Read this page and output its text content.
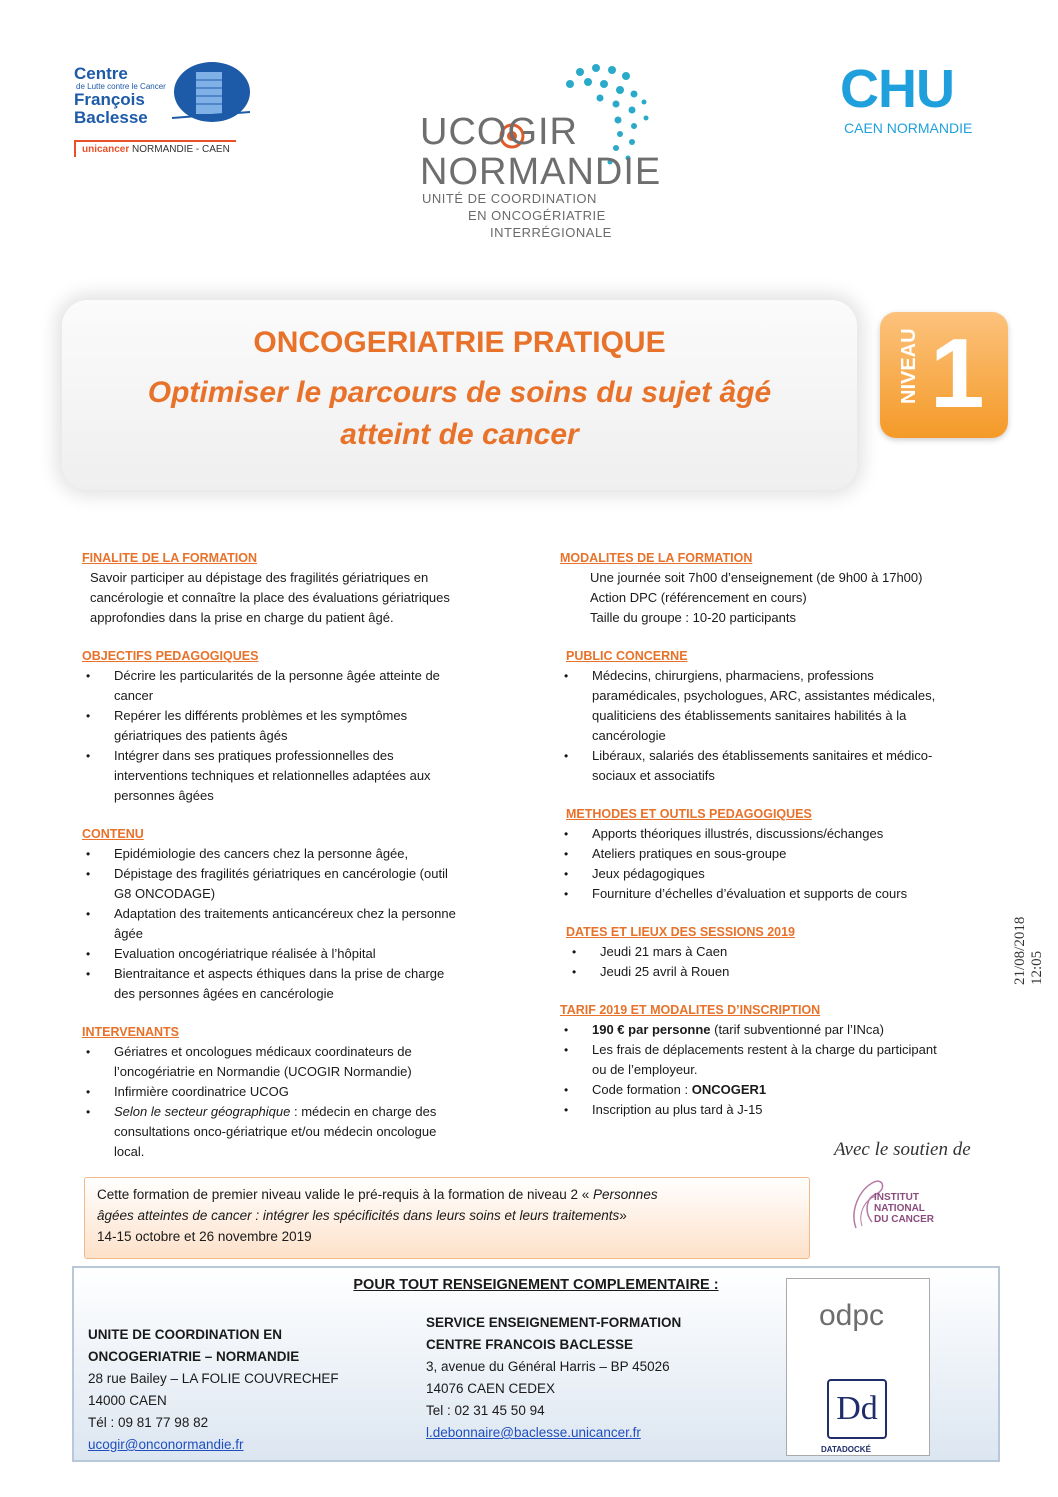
Centre
de Lutte contre le Cancer
François
Baclesse
unicancer NORMANDIE - CAEN	UCOGIR
NORMANDIE
UNITÉ DE COORDINATION
EN ONCOGÉRIATRIE
INTERRÉGIONALE
CHU
CAEN NORMANDIE
ONCOGERIATRIE PRATIQUE
Optimiser le parcours de soins du sujet âgé
atteint de cancer
NIVEAU 1
FINALITE DE LA FORMATION
Savoir participer au dépistage des fragilités gériatriques en
cancérologie et connaître la place des évaluations gériatriques
approfondies dans la prise en charge du patient âgé.
OBJECTIFS PEDAGOGIQUES
• Décrire les particularités de la personne âgée atteinte de
cancer
• Repérer les différents problèmes et les symptômes
gériatriques des patients âgés
• Intégrer dans ses pratiques professionnelles des
interventions techniques et relationnelles adaptées aux
personnes âgées
CONTENU
• Epidémiologie des cancers chez la personne âgée,
• Dépistage des fragilités gériatriques en cancérologie (outil
G8 ONCODAGE)
• Adaptation des traitements anticancéreux chez la personne
âgée
• Evaluation oncogériatrique réalisée à l’hôpital
• Bientraitance et aspects éthiques dans la prise de charge
des personnes âgées en cancérologie
INTERVENANTS
• Gériatres et oncologues médicaux coordinateurs de
l’oncogériatrie en Normandie (UCOGIR Normandie)
• Infirmière coordinatrice UCOG
• Selon le secteur géographique : médecin en charge des
consultations onco-gériatrique et/ou médecin oncologue
local.
MODALITES DE LA FORMATION
Une journée soit 7h00 d’enseignement (de 9h00 à 17h00)
Action DPC (référencement en cours)
Taille du groupe : 10-20 participants
PUBLIC CONCERNE
• Médecins, chirurgiens, pharmaciens, professions
paramédicales, psychologues, ARC, assistantes médicales,
qualiticiens des établissements sanitaires habilités à la
cancérologie
• Libéraux, salariés des établissements sanitaires et médico-
sociaux et associatifs
METHODES ET OUTILS PEDAGOGIQUES
• Apports théoriques illustrés, discussions/échanges
• Ateliers pratiques en sous-groupe
• Jeux pédagogiques
• Fourniture d’échelles d’évaluation et supports de cours
DATES ET LIEUX DES SESSIONS 2019
• Jeudi 21 mars à Caen
• Jeudi 25 avril à Rouen
TARIF 2019 ET MODALITES D’INSCRIPTION
• 190 € par personne (tarif subventionné par l’INca)
• Les frais de déplacements restent à la charge du participant
ou de l’employeur.
• Code formation : ONCOGER1
• Inscription au plus tard à J-15
21/08/2018 12:05
Avec le soutien de
INSTITUT
NATIONAL
DU CANCER
Cette formation de premier niveau valide le pré-requis à la formation de niveau 2 « Personnes
âgées atteintes de cancer : intégrer les spécificités dans leurs soins et leurs traitements»
14-15 octobre et 26 novembre 2019
POUR TOUT RENSEIGNEMENT COMPLEMENTAIRE :
UNITE DE COORDINATION EN
ONCOGERIATRIE – NORMANDIE
28 rue Bailey – LA FOLIE COUVRECHEF
14000 CAEN
Tél : 09 81 77 98 82
ucogir@onconormandie.fr
SERVICE ENSEIGNEMENT-FORMATION
CENTRE FRANCOIS BACLESSE
3, avenue du Général Harris – BP 45026
14076 CAEN CEDEX
Tel : 02 31 45 50 94
l.debonnaire@baclesse.unicancer.fr
odpc
Dd
DATADOCKÉ
